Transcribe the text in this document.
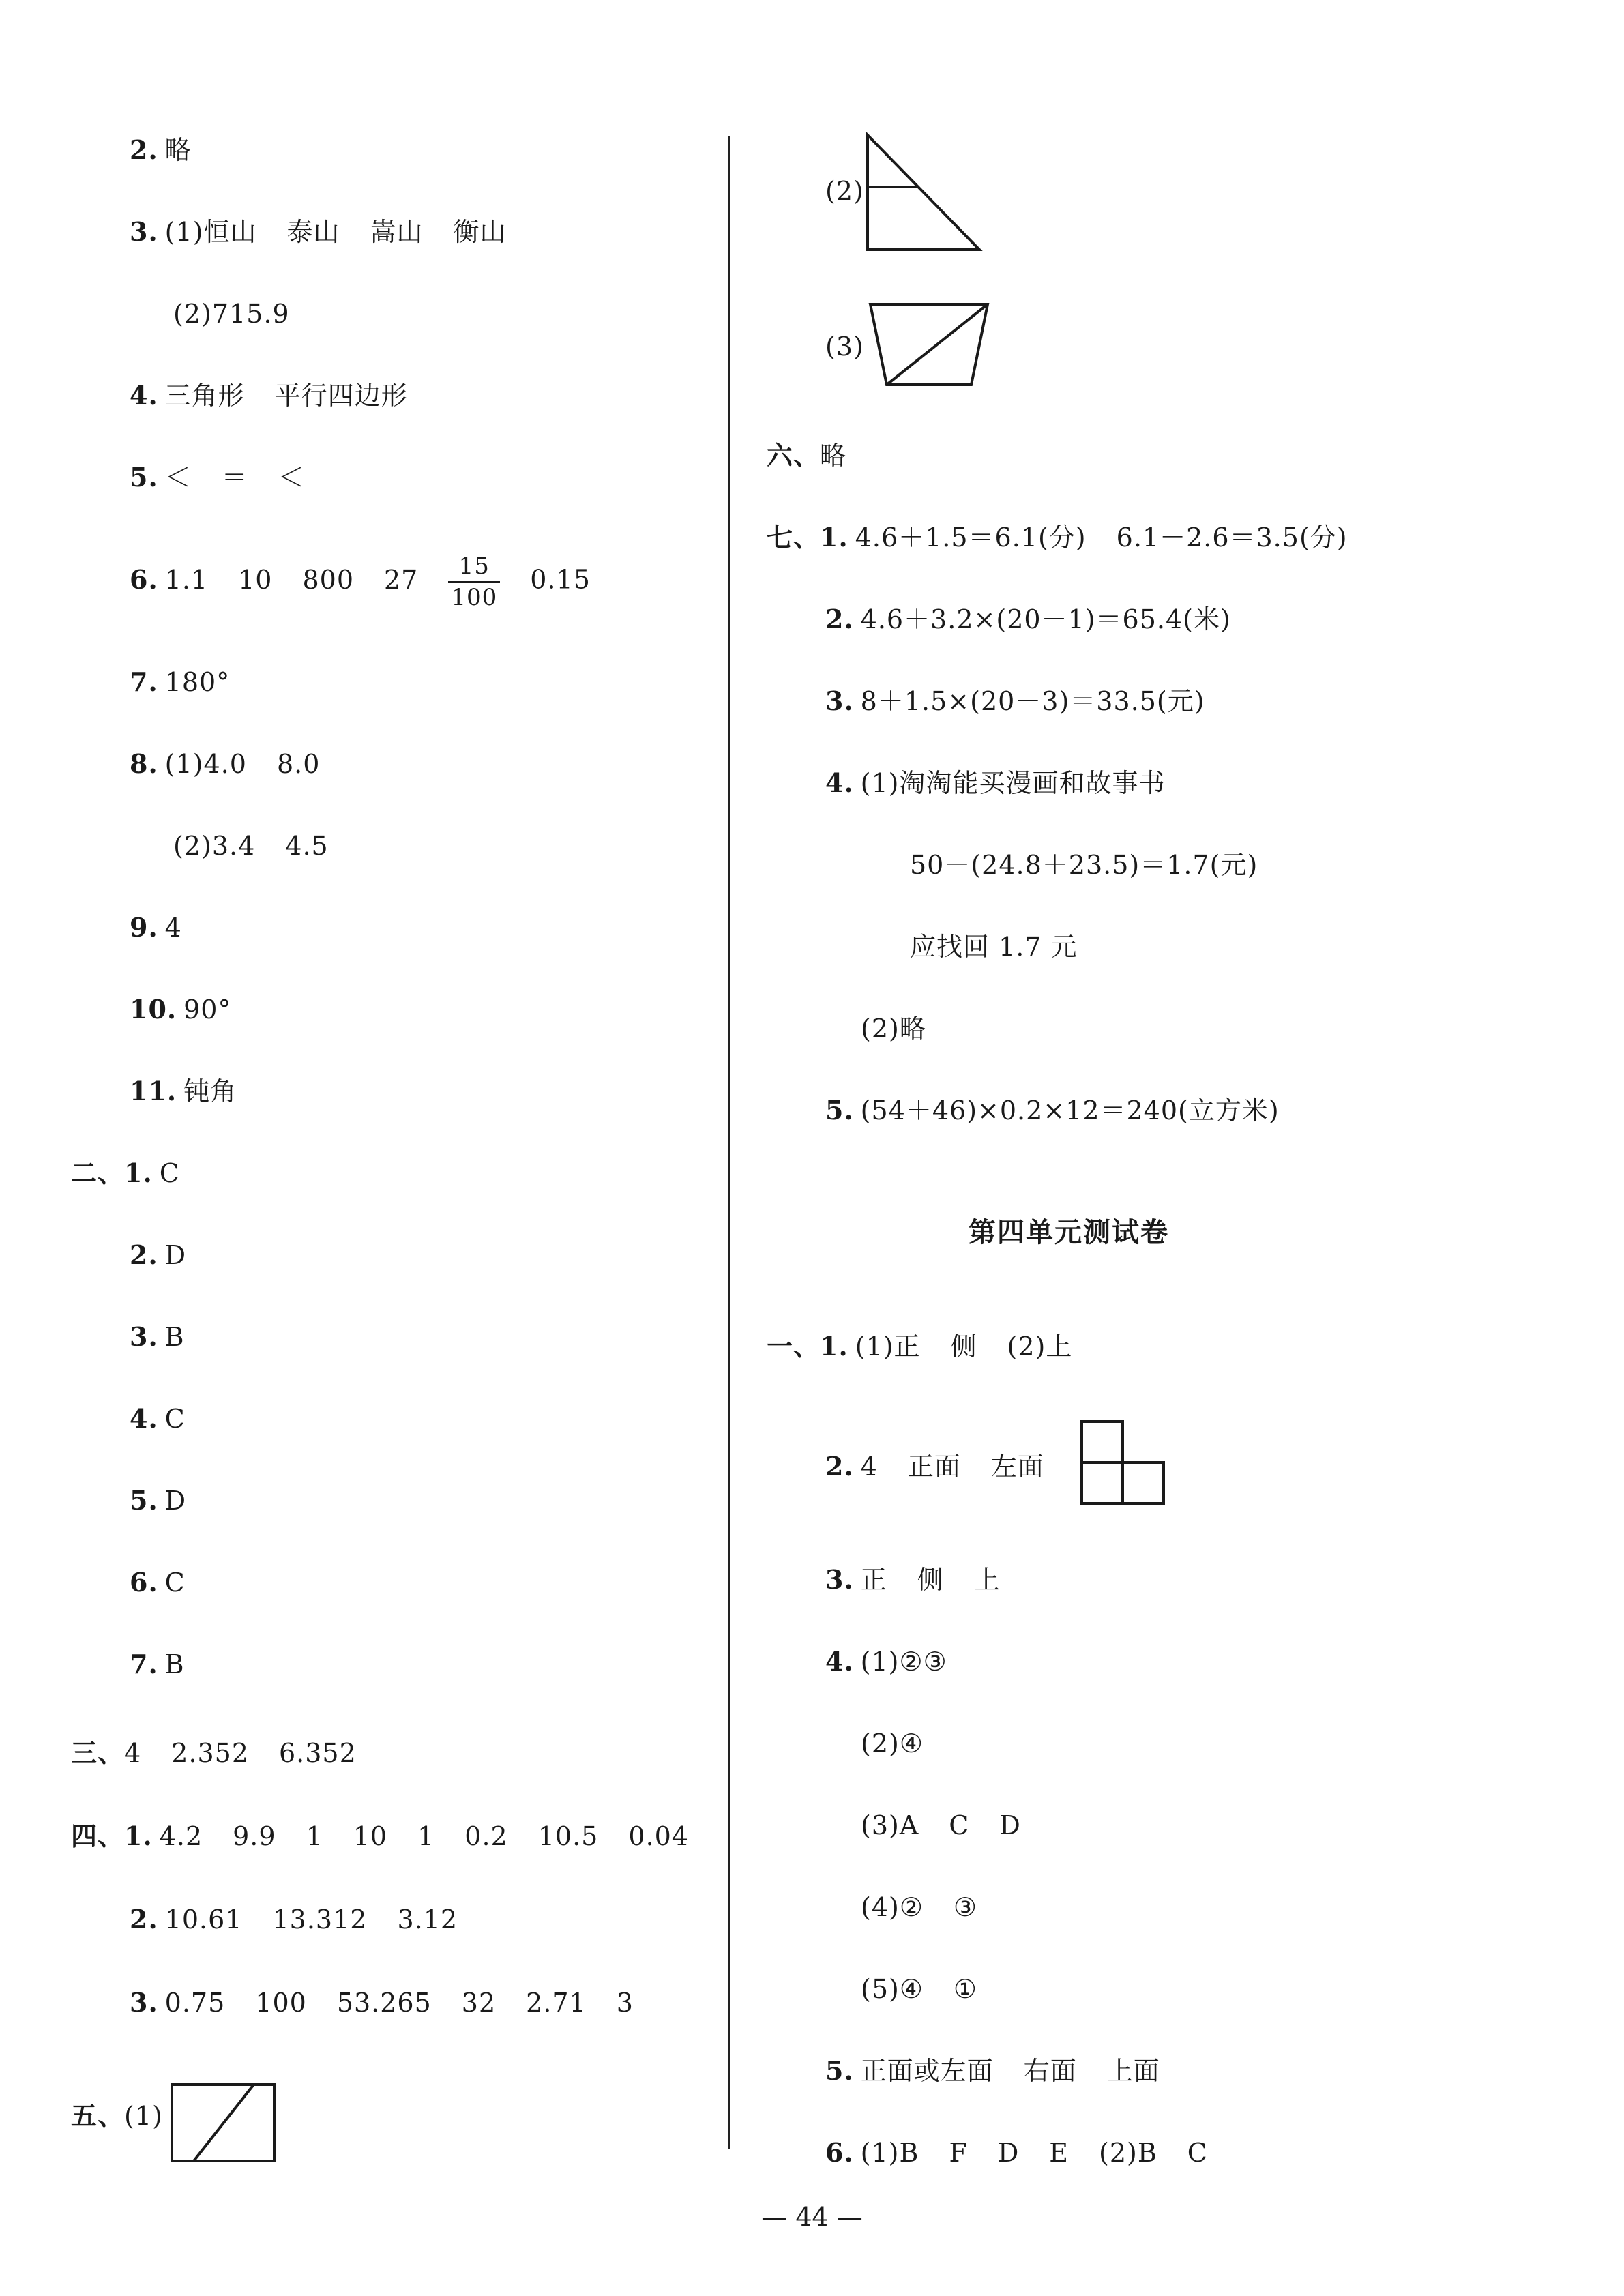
2. 略
3. (1)恒山 泰山 嵩山 衡山
(2)715.9
4. 三角形 平行四边形
5. ＜ ＝ ＜
6. 1.1 10 800 $27 \frac{15}{100} 0.15$
7. 180°
8. (1)4.0 8.0
(2)3.4 4.5
9. 4
10. 90°
11. 钝角
二、1. C
2. D
3. B
4. C
5. D
6. C
7. B
三、4 2.352 6.352
四、1. 4.2 9.9 1 10 1 0.2 10.5 0.04
2. 10.61 13.312 3.12
3. 0.75 100 53.265 32 2.71 3
五、(1)
(2)
(3)
六、略
七、1. 4.6＋1.5＝6.1(分) 6.1－2.6＝3.5(分)
2. 4.6＋3.2×(20－1)＝65.4(米)
3. 8＋1.5×(20－3)＝33.5(元)
4. (1)淘淘能买漫画和故事书
50－(24.8＋23.5)＝1.7(元)
应找回 1.7 元
(2)略
5. (54＋46)×0.2×12＝240(立方米)
第四单元测试卷
一、1. (1)正 侧 (2)上
2. 4 正面 左面
3. 正 侧 上
4. (1)②③
(2)④
(3)A C D
(4)② ③
(5)④ ①
5. 正面或左面 右面 上面
6. (1)B F D E (2)B C
— 44 —
